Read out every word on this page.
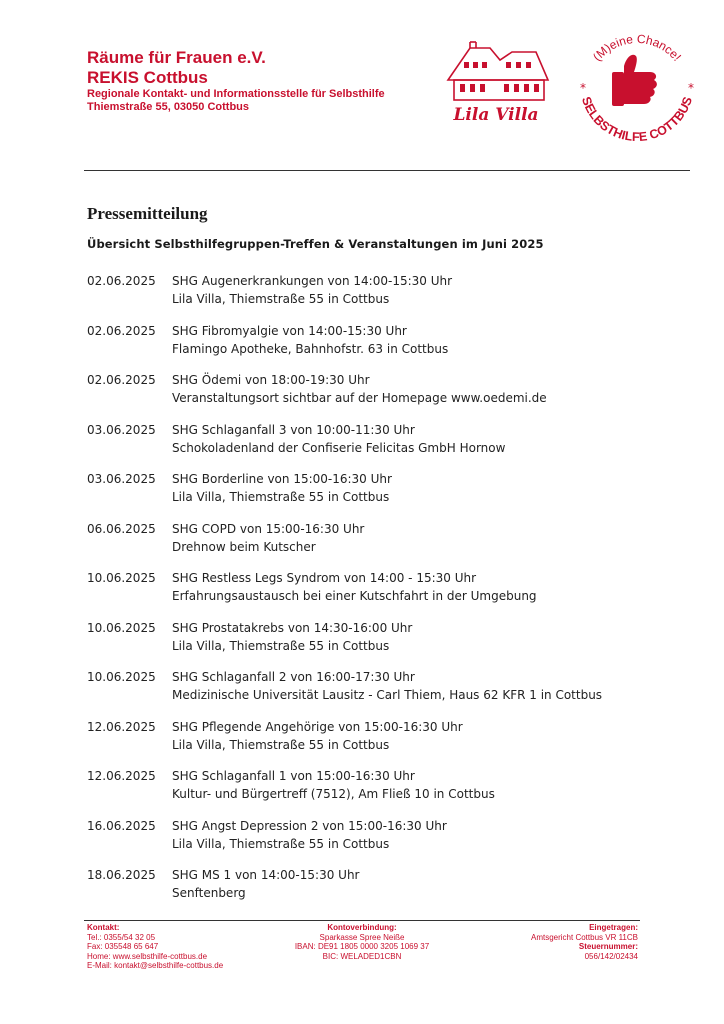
Räume für Frauen e.V.
REKIS Cottbus
Regionale Kontakt- und Informationsstelle für Selbsthilfe
Thiemstraße 55, 03050 Cottbus	Lila Villa
(M)eine Chance!
SELBSTHILFE COTTBUS
*	*
Pressemitteilung
Übersicht Selbsthilfegruppen-Treffen & Veranstaltungen im Juni 2025
02.06.2025	SHG Augenerkrankungen von 14:00-15:30 Uhr
Lila Villa, Thiemstraße 55 in Cottbus
02.06.2025	SHG Fibromyalgie von 14:00-15:30 Uhr
Flamingo Apotheke, Bahnhofstr. 63 in Cottbus
02.06.2025	SHG Ödemi von 18:00-19:30 Uhr
Veranstaltungsort sichtbar auf der Homepage www.oedemi.de
03.06.2025	SHG Schlaganfall 3 von 10:00-11:30 Uhr
Schokoladenland der Confiserie Felicitas GmbH Hornow
03.06.2025	SHG Borderline von 15:00-16:30 Uhr
Lila Villa, Thiemstraße 55 in Cottbus
06.06.2025	SHG COPD von 15:00-16:30 Uhr
Drehnow beim Kutscher
10.06.2025	SHG Restless Legs Syndrom von 14:00 - 15:30 Uhr
Erfahrungsaustausch bei einer Kutschfahrt in der Umgebung
10.06.2025	SHG Prostatakrebs von 14:30-16:00 Uhr
Lila Villa, Thiemstraße 55 in Cottbus
10.06.2025	SHG Schlaganfall 2 von 16:00-17:30 Uhr
Medizinische Universität Lausitz - Carl Thiem, Haus 62 KFR 1 in Cottbus
12.06.2025	SHG Pflegende Angehörige von 15:00-16:30 Uhr
Lila Villa, Thiemstraße 55 in Cottbus
12.06.2025	SHG Schlaganfall 1 von 15:00-16:30 Uhr
Kultur- und Bürgertreff (7512), Am Fließ 10 in Cottbus
16.06.2025	SHG Angst Depression 2 von 15:00-16:30 Uhr
Lila Villa, Thiemstraße 55 in Cottbus
18.06.2025	SHG MS 1 von 14:00-15:30 Uhr
Senftenberg
Kontakt:
Tel.: 0355/54 32 05
Fax: 035548 65 647
Home: www.selbsthilfe-cottbus.de
E-Mail: kontakt@selbsthilfe-cottbus.de
Kontoverbindung:
Sparkasse Spree Neiße
IBAN: DE91 1805 0000 3205 1069 37
BIC: WELADED1CBN
Eingetragen:
Amtsgericht Cottbus VR 11CB
Steuernummer:
056/142/02434
